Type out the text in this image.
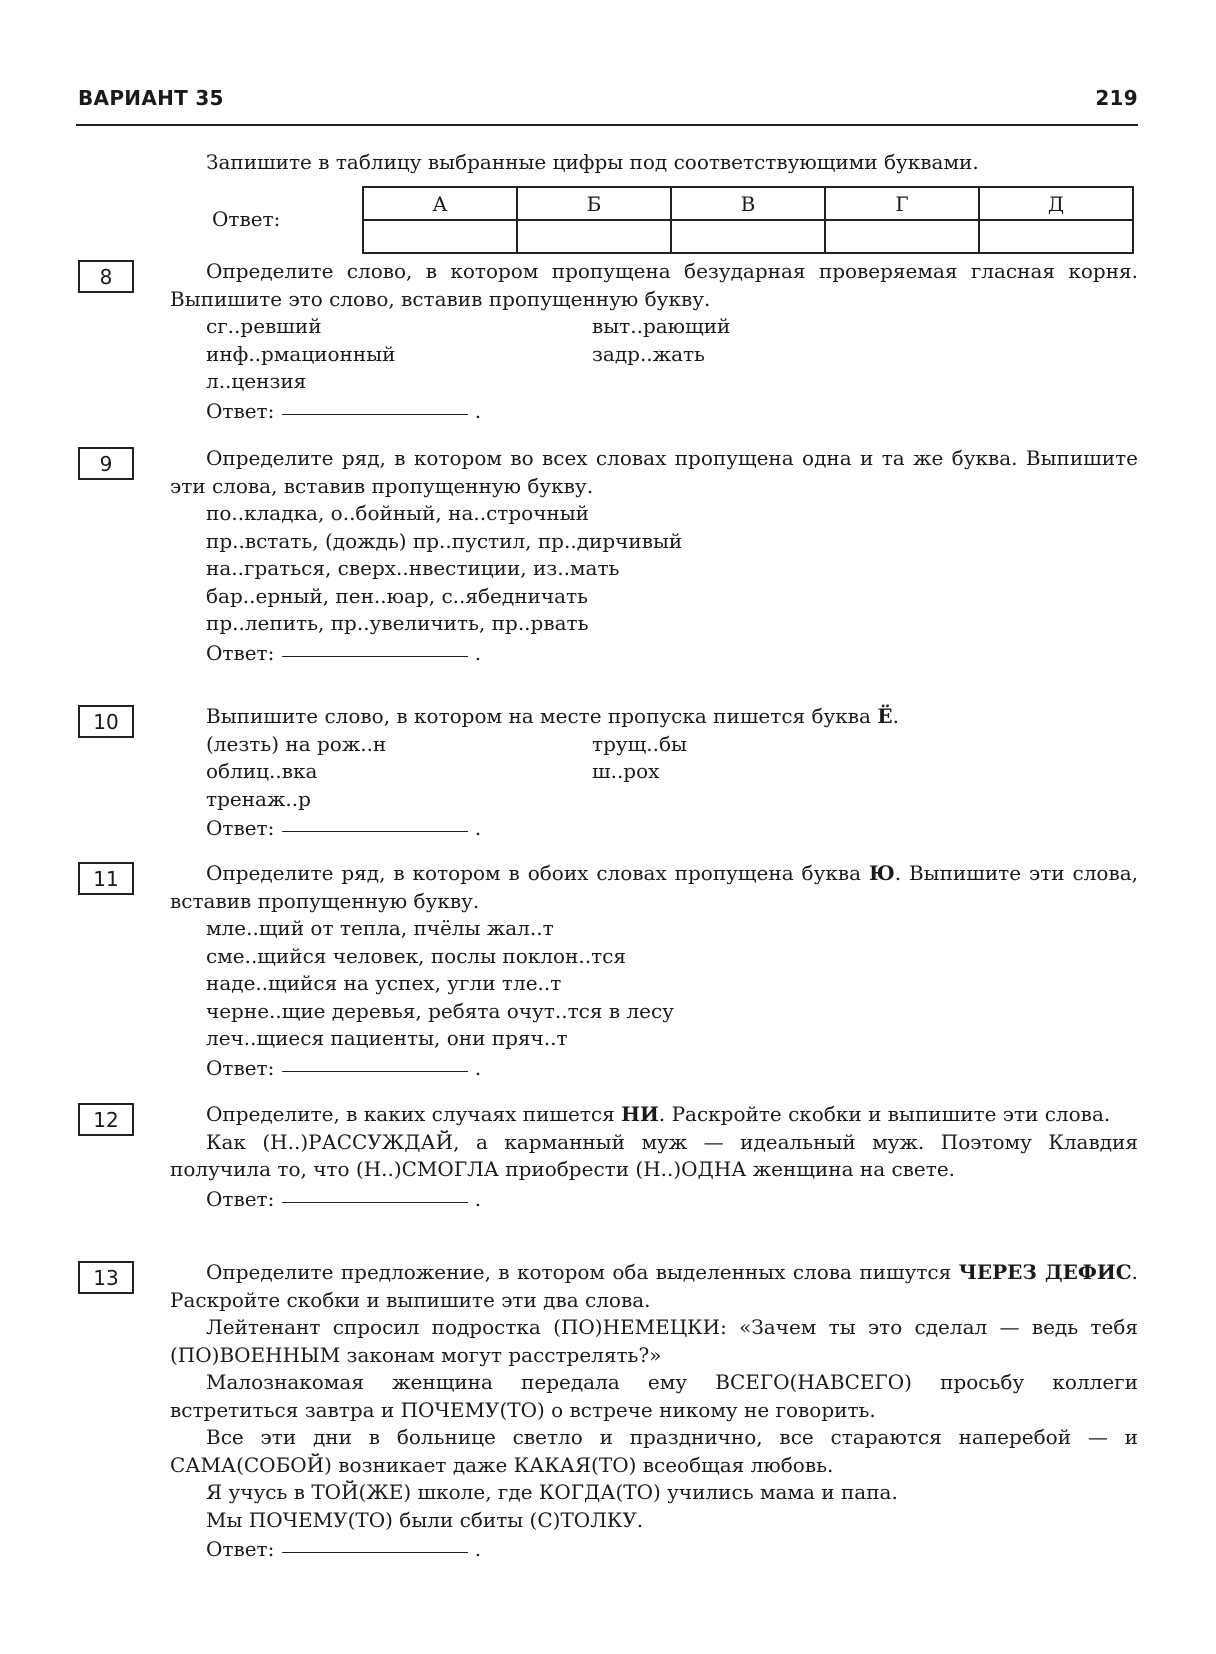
ВАРИАНТ 35	219
Запишите в таблицу выбранные цифры под соответствующими буквами.
Ответ:
А	Б	В	Г	Д

8	Определите слово, в котором пропущена безударная проверяемая гласная корня. Выпишите это слово, вставив пропущенную букву.

сг..ревший	выт..рающий
инф..рмационный	задр..жать
л..цензия
Ответ:	.
9	Определите ряд, в котором во всех словах пропущена одна и та же буква. Выпишите эти слова, вставив пропущенную букву.

по..кладка, о..бойный, на..строчный
пр..встать, (дождь) пр..пустил, пр..дирчивый
на..граться, сверх..нвестиции, из..мать
бар..ерный, пен..юар, с..ябедничать
пр..лепить, пр..увеличить, пр..рвать
Ответ:	.
10	Выпишите слово, в котором на месте пропуска пишется буква Ё.

(лезть) на рож..н	трущ..бы
облиц..вка	ш..рох
тренаж..р
Ответ:	.
11	Определите ряд, в котором в обоих словах пропущена буква Ю. Выпишите эти слова, вставив пропущенную букву.

мле..щий от тепла, пчёлы жал..т
сме..щийся человек, послы поклон..тся
наде..щийся на успех, угли тле..т
черне..щие деревья, ребята очут..тся в лесу
леч..щиеся пациенты, они пряч..т
Ответ:	.
12	Определите, в каких случаях пишется НИ. Раскройте скобки и выпишите эти слова.

Как (Н..)РАССУЖДАЙ, а карманный муж — идеальный муж. Поэтому Клавдия получила то, что (Н..)СМОГЛА приобрести (Н..)ОДНА женщина на свете.

Ответ:	.
13	Определите предложение, в котором оба выделенных слова пишутся ЧЕРЕЗ ДЕФИС. Раскройте скобки и выпишите эти два слова.

Лейтенант спросил подростка (ПО)НЕМЕЦКИ: «Зачем ты это сделал — ведь тебя (ПО)ВОЕННЫМ законам могут расстрелять?»

Малознакомая женщина передала ему ВСЕГО(НАВСЕГО) просьбу коллеги встретиться завтра и ПОЧЕМУ(ТО) о встрече никому не говорить.

Все эти дни в больнице светло и празднично, все стараются наперебой — и САМА(СОБОЙ) возникает даже КАКАЯ(ТО) всеобщая любовь.

Я учусь в ТОЙ(ЖЕ) школе, где КОГДА(ТО) учились мама и папа.

Мы ПОЧЕМУ(ТО) были сбиты (С)ТОЛКУ.

Ответ:	.
